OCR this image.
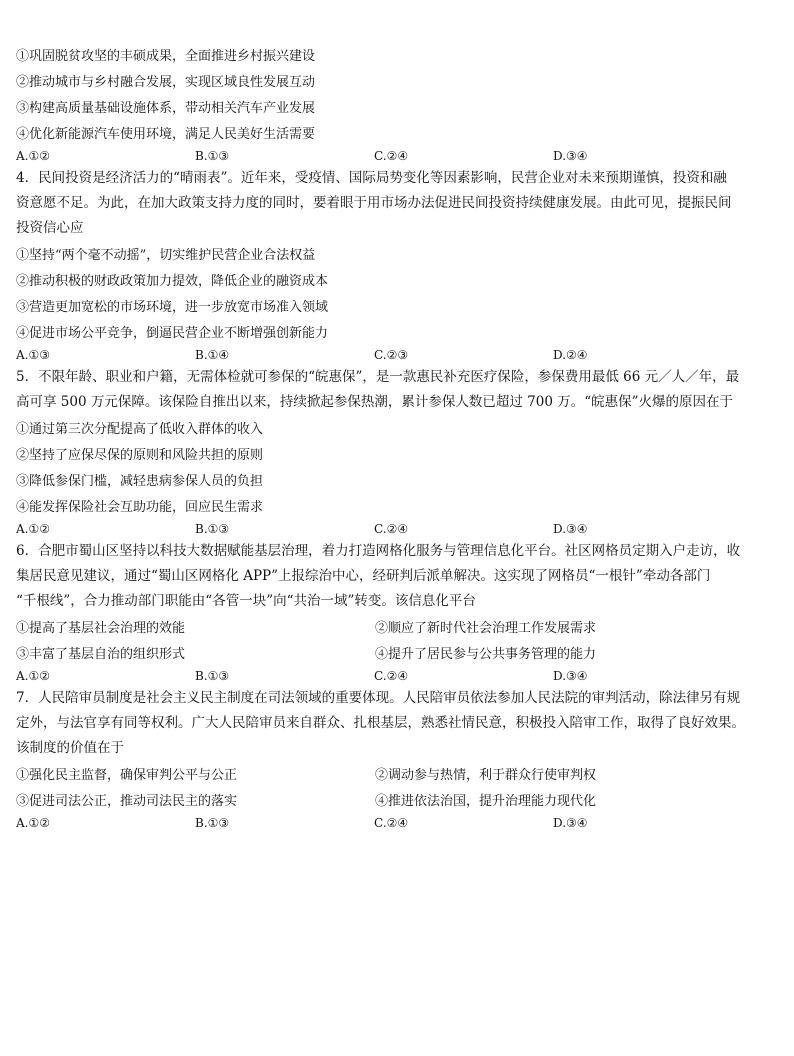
①巩固脱贫攻坚的丰硕成果，全面推进乡村振兴建设
②推动城市与乡村融合发展，实现区域良性发展互动
③构建高质量基础设施体系，带动相关汽车产业发展
④优化新能源汽车使用环境，满足人民美好生活需要
A.①②	B.①③	C.②④	D.③④
4．民间投资是经济活力的“晴雨表”。近年来，受疫情、国际局势变化等因素影响，民营企业对未来预期谨慎，投资和融
资意愿不足。为此，在加大政策支持力度的同时，要着眼于用市场办法促进民间投资持续健康发展。由此可见，提振民间
投资信心应
①坚持“两个毫不动摇”，切实维护民营企业合法权益
②推动积极的财政政策加力提效，降低企业的融资成本
③营造更加宽松的市场环境，进一步放宽市场准入领域
④促进市场公平竞争，倒逼民营企业不断增强创新能力
A.①③	B.①④	C.②③	D.②④
5．不限年龄、职业和户籍，无需体检就可参保的“皖惠保”，是一款惠民补充医疗保险，参保费用最低 66 元／人／年，最
高可享 500 万元保障。该保险自推出以来，持续掀起参保热潮，累计参保人数已超过 700 万。“皖惠保”火爆的原因在于
①通过第三次分配提高了低收入群体的收入
②坚持了应保尽保的原则和风险共担的原则
③降低参保门槛，减轻患病参保人员的负担
④能发挥保险社会互助功能，回应民生需求
A.①②	B.①③	C.②④	D.③④
6．合肥市蜀山区坚持以科技大数据赋能基层治理，着力打造网格化服务与管理信息化平台。社区网格员定期入户走访，收
集居民意见建议，通过“蜀山区网格化 APP”上报综治中心，经研判后派单解决。这实现了网格员“一根针”牵动各部门
“千根线”，合力推动部门职能由“各管一块”向“共治一域”转变。该信息化平台
①提高了基层社会治理的效能	②顺应了新时代社会治理工作发展需求
③丰富了基层自治的组织形式	④提升了居民参与公共事务管理的能力
A.①②	B.①③	C.②④	D.③④
7．人民陪审员制度是社会主义民主制度在司法领域的重要体现。人民陪审员依法参加人民法院的审判活动，除法律另有规
定外，与法官享有同等权利。广大人民陪审员来自群众、扎根基层，熟悉社情民意，积极投入陪审工作，取得了良好效果。
该制度的价值在于
①强化民主监督，确保审判公平与公正	②调动参与热情，利于群众行使审判权
③促进司法公正，推动司法民主的落实	④推进依法治国，提升治理能力现代化
A.①②	B.①③	C.②④	D.③④
